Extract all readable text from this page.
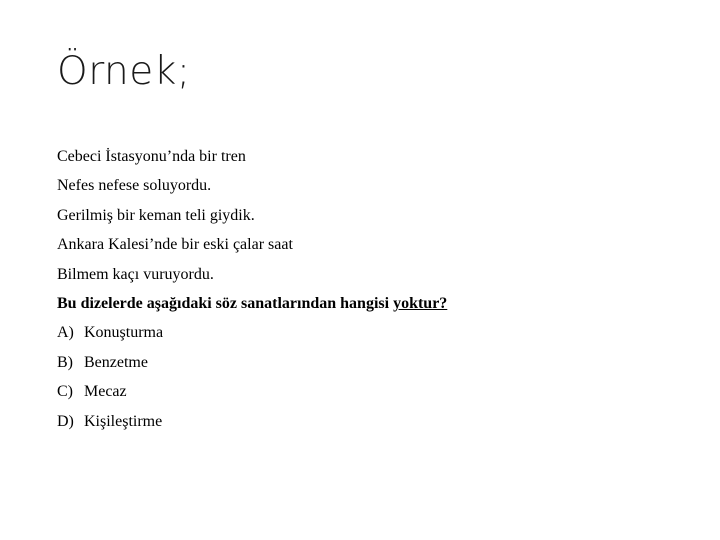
Örnek;
Cebeci İstasyonu’nda bir tren
Nefes nefese soluyordu.
Gerilmiş bir keman teli giydik.
Ankara Kalesi’nde bir eski çalar saat
Bilmem kaçı vuruyordu.
Bu dizelerde aşağıdaki söz sanatlarından hangisi yoktur?
A) Konuşturma
B) Benzetme
C) Mecaz
D) Kişileştirme
